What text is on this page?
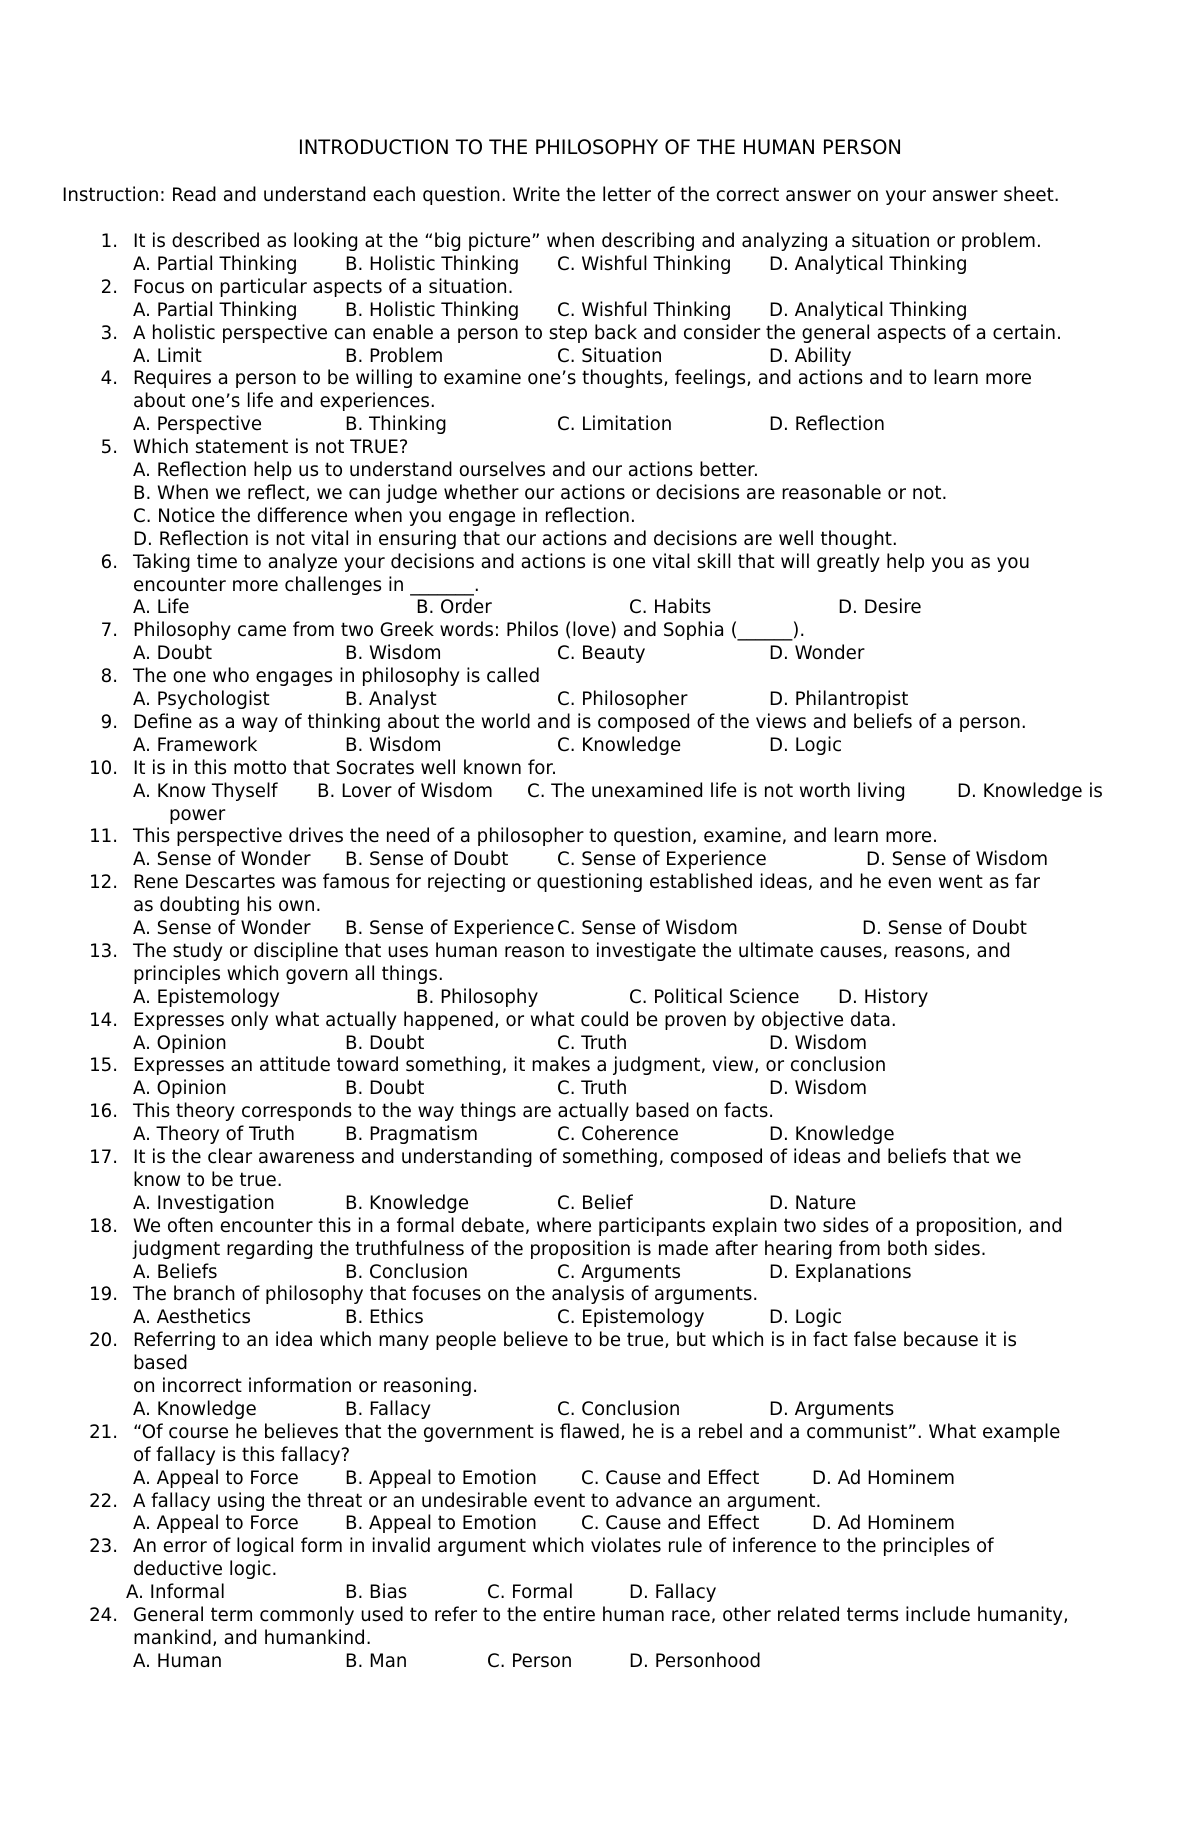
INTRODUCTION TO THE PHILOSOPHY OF THE HUMAN PERSON
Instruction: Read and understand each question. Write the letter of the correct answer on your answer sheet.
1. It is described as looking at the “big picture” when describing and analyzing a situation or problem.
A. Partial Thinking	B. Holistic Thinking C. Wishful Thinking D. Analytical Thinking
2. Focus on particular aspects of a situation.
A. Partial Thinking	B. Holistic Thinking C. Wishful Thinking D. Analytical Thinking
3. A holistic perspective can enable a person to step back and consider the general aspects of a certain.
A. Limit	B. Problem	C. Situation	D. Ability
4. Requires a person to be willing to examine one’s thoughts, feelings, and actions and to learn more
about one’s life and experiences.
A. Perspective	B. Thinking	C. Limitation	D. Reflection
5. Which statement is not TRUE?
A. Reflection help us to understand ourselves and our actions better.
B. When we reflect, we can judge whether our actions or decisions are reasonable or not.
C. Notice the difference when you engage in reflection.
D. Reflection is not vital in ensuring that our actions and decisions are well thought.
6. Taking time to analyze your decisions and actions is one vital skill that will greatly help you as you
encounter more challenges in _______.
A. Life	B. Order	C. Habits	D. Desire
7. Philosophy came from two Greek words: Philos (love) and Sophia (______).
A. Doubt	B. Wisdom	C. Beauty	D. Wonder
8. The one who engages in philosophy is called
A. Psychologist	B. Analyst	C. Philosopher	D. Philantropist
9. Define as a way of thinking about the world and is composed of the views and beliefs of a person.
A. Framework	B. Wisdom	C. Knowledge	D. Logic
10. It is in this motto that Socrates well known for.
A. Know Thyself B. Lover of Wisdom C. The unexamined life is not worth living	D. Knowledge is
power
11. This perspective drives the need of a philosopher to question, examine, and learn more.
A. Sense of Wonder B. Sense of Doubt	C. Sense of Experience	D. Sense of Wisdom
12. Rene Descartes was famous for rejecting or questioning established ideas, and he even went as far
as doubting his own.
A. Sense of Wonder B. Sense of Experience C. Sense of Wisdom	D. Sense of Doubt
13. The study or discipline that uses human reason to investigate the ultimate causes, reasons, and
principles which govern all things.
A. Epistemology	B. Philosophy	C. Political Science D. History
14. Expresses only what actually happened, or what could be proven by objective data.
A. Opinion	B. Doubt	C. Truth	D. Wisdom
15. Expresses an attitude toward something, it makes a judgment, view, or conclusion
A. Opinion	B. Doubt	C. Truth	D. Wisdom
16. This theory corresponds to the way things are actually based on facts.
A. Theory of Truth	B. Pragmatism	C. Coherence	D. Knowledge
17. It is the clear awareness and understanding of something, composed of ideas and beliefs that we
know to be true.
A. Investigation	B. Knowledge	C. Belief	D. Nature
18. We often encounter this in a formal debate, where participants explain two sides of a proposition, and
judgment regarding the truthfulness of the proposition is made after hearing from both sides.
A. Beliefs	B. Conclusion	C. Arguments	D. Explanations
19. The branch of philosophy that focuses on the analysis of arguments.
A. Aesthetics	B. Ethics	C. Epistemology	D. Logic
20. Referring to an idea which many people believe to be true, but which is in fact false because it is
based
on incorrect information or reasoning.
A. Knowledge	B. Fallacy	C. Conclusion	D. Arguments
21. “Of course he believes that the government is flawed, he is a rebel and a communist”. What example
of fallacy is this fallacy?
A. Appeal to Force	B. Appeal to Emotion C. Cause and Effect	D. Ad Hominem
22. A fallacy using the threat or an undesirable event to advance an argument.
A. Appeal to Force	B. Appeal to Emotion C. Cause and Effect	D. Ad Hominem
23. An error of logical form in invalid argument which violates rule of inference to the principles of
deductive logic.
A. Informal	B. Bias	C. Formal	D. Fallacy
24. General term commonly used to refer to the entire human race, other related terms include humanity,
mankind, and humankind.
A. Human	B. Man	C. Person	D. Personhood
